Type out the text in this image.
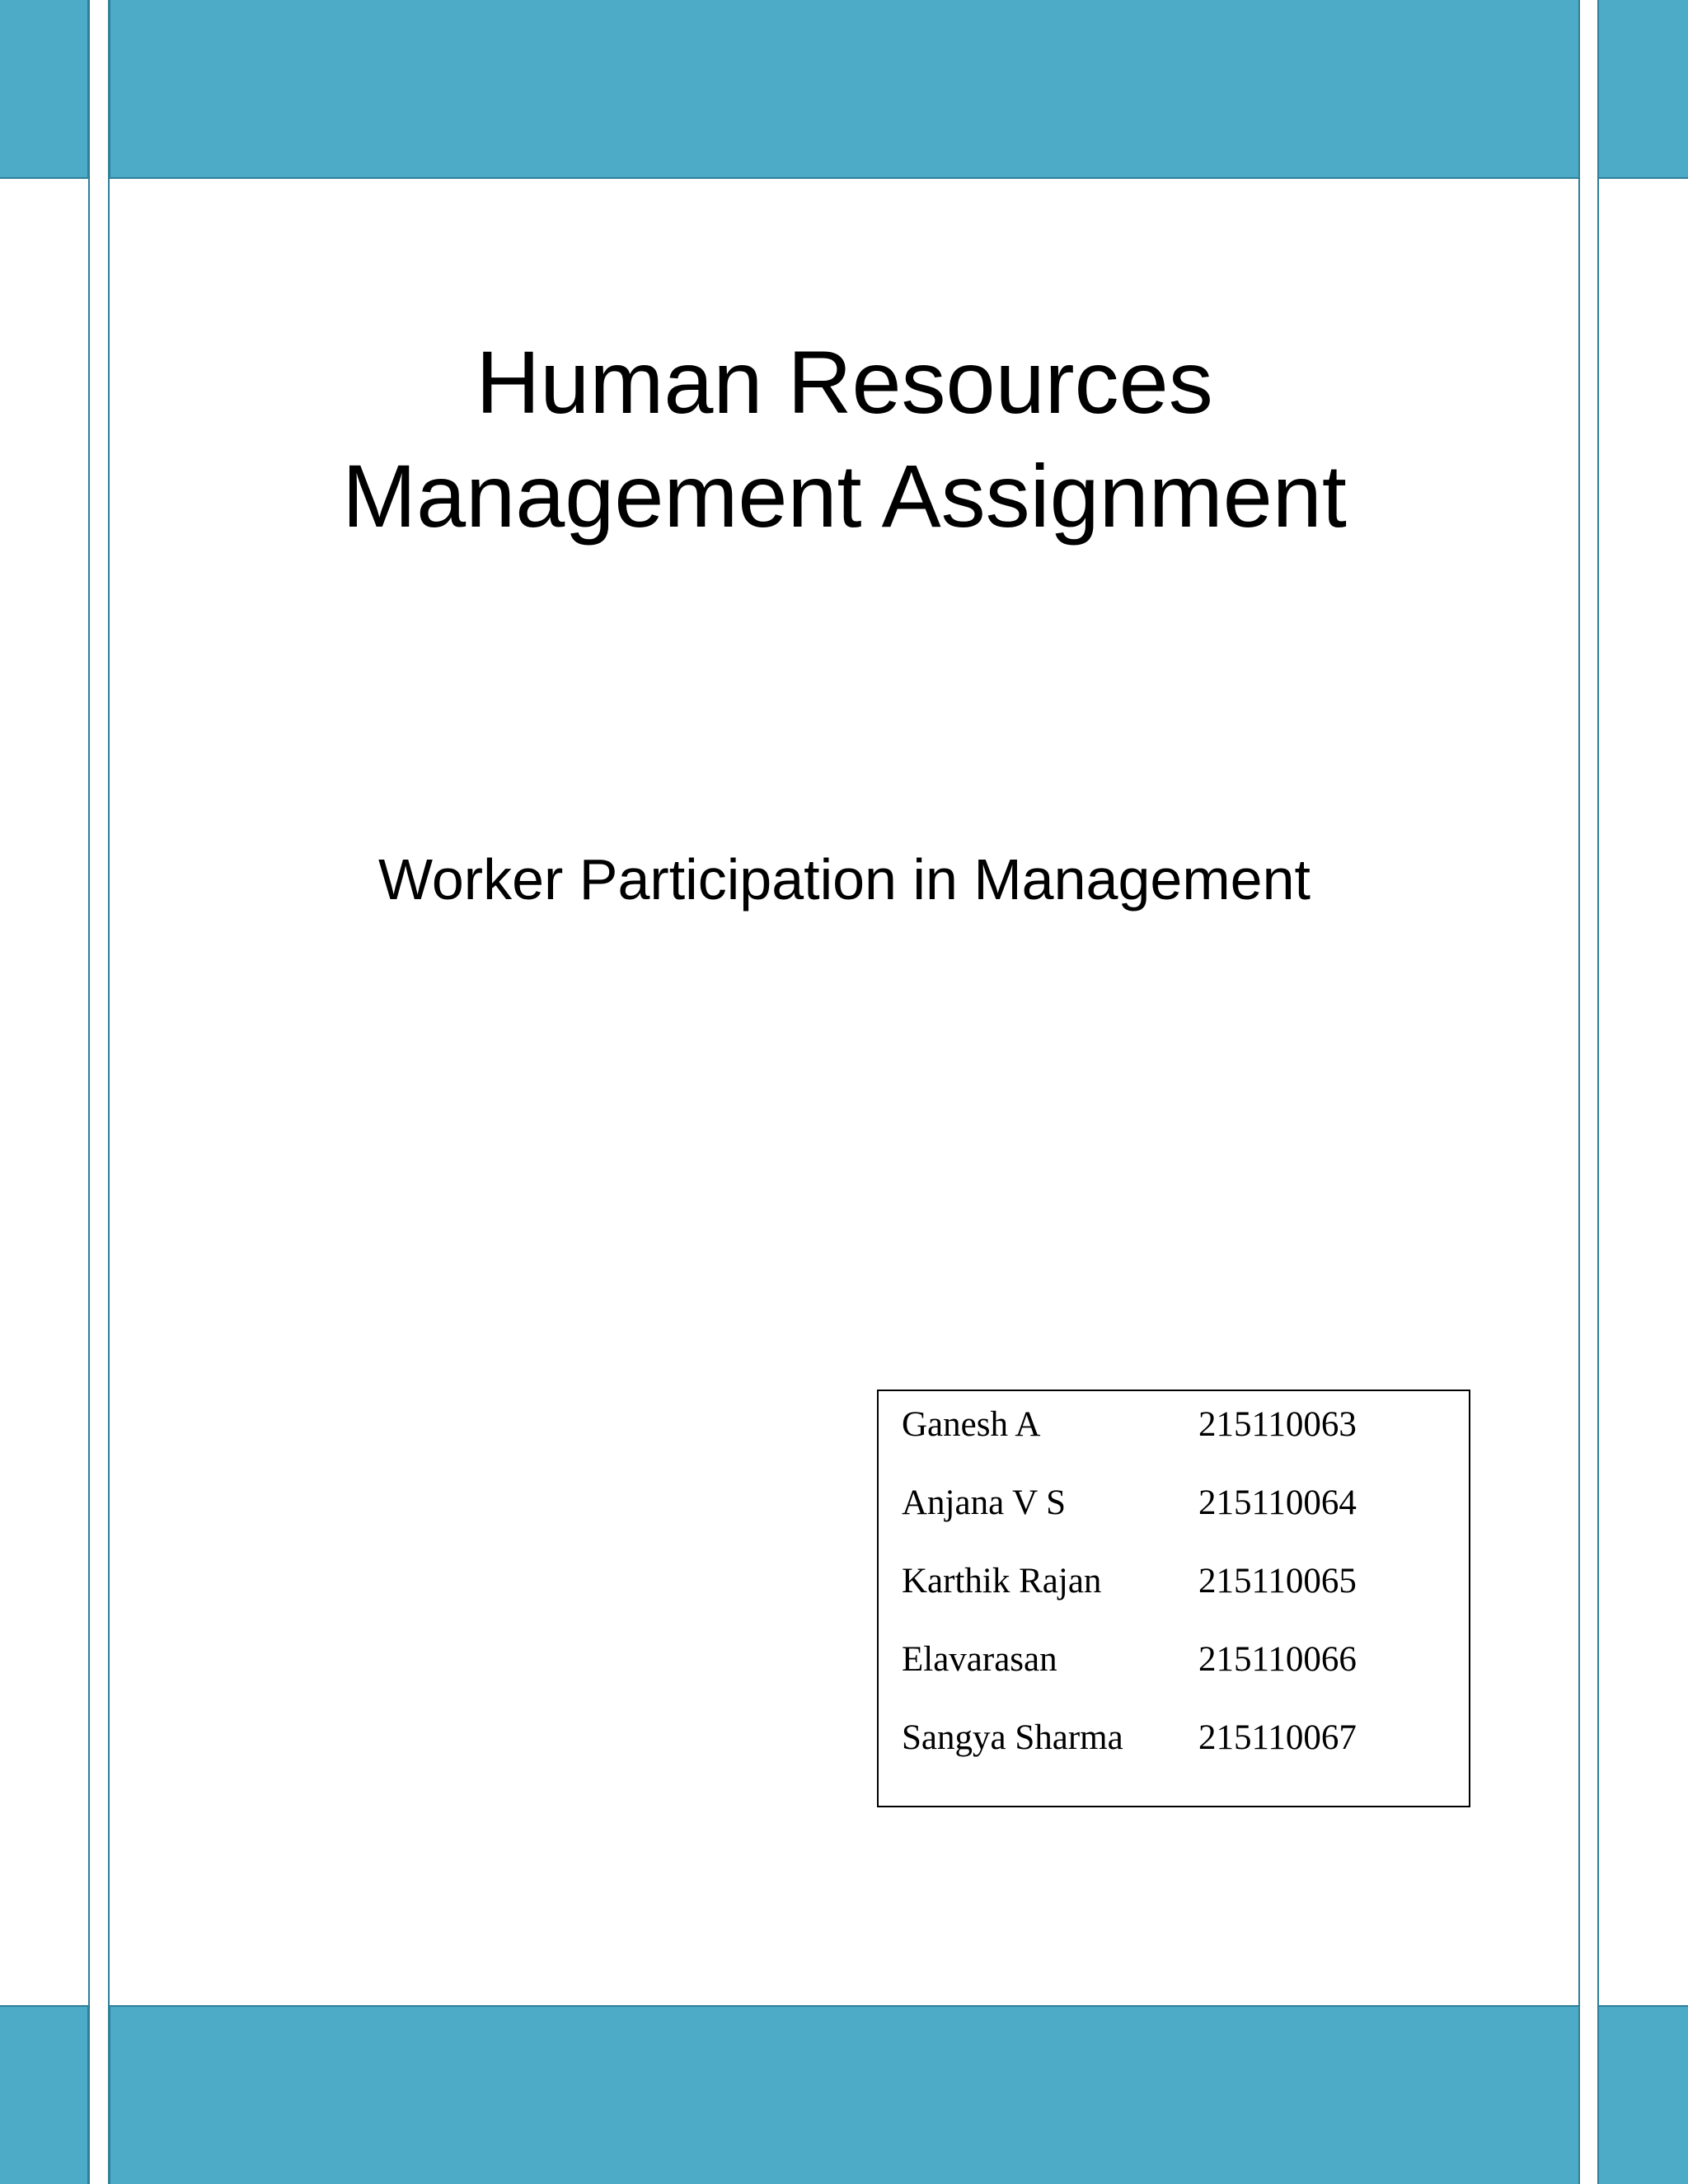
Human Resources
Management Assignment
Worker Participation in Management
Ganesh A	215110063
Anjana V S	215110064
Karthik Rajan	215110065
Elavarasan	215110066
Sangya Sharma 215110067
